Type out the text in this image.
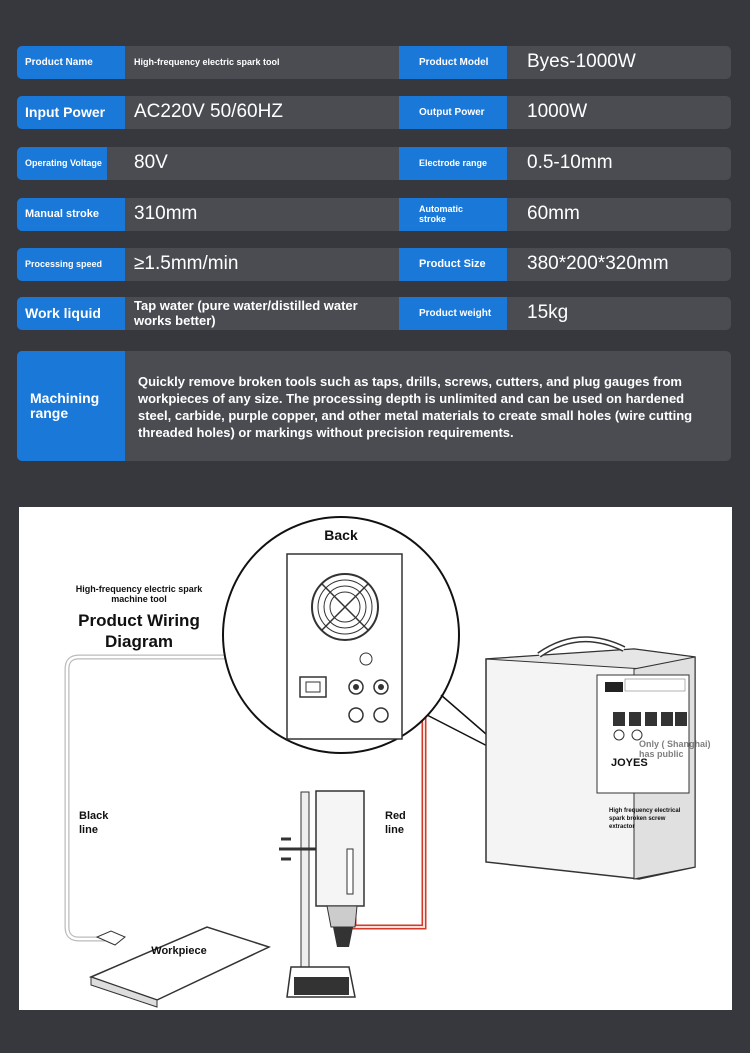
Product Name	High-frequency electric spark tool	Product Model	Byes-1000W
Input Power	AC220V 50/60HZ	Output Power	1000W
Operating Voltage 80V	Electrode range	0.5-10mm
Manual stroke	310mm	Automatic stroke	60mm
Processing speed	≥1.5mm/min	Product Size	380*200*320mm
Work liquid	Tap water (pure water/distilled water works better)	Product weight	15kg
Machining range
Quickly remove broken tools such as taps, drills, screws, cutters, and plug gauges from workpieces of any size. The processing depth is unlimited and can be used on hardened steel, carbide, purple copper, and other metal materials to create small holes (wire cutting threaded holes) or markings without precision requirements.
Back
High-frequency electric spark machine tool
Product Wiring Diagram
Black line
Red line
Workpiece
JOYES
High frequency electrical spark broken screw extractor
Only ( Shanghai) has public
